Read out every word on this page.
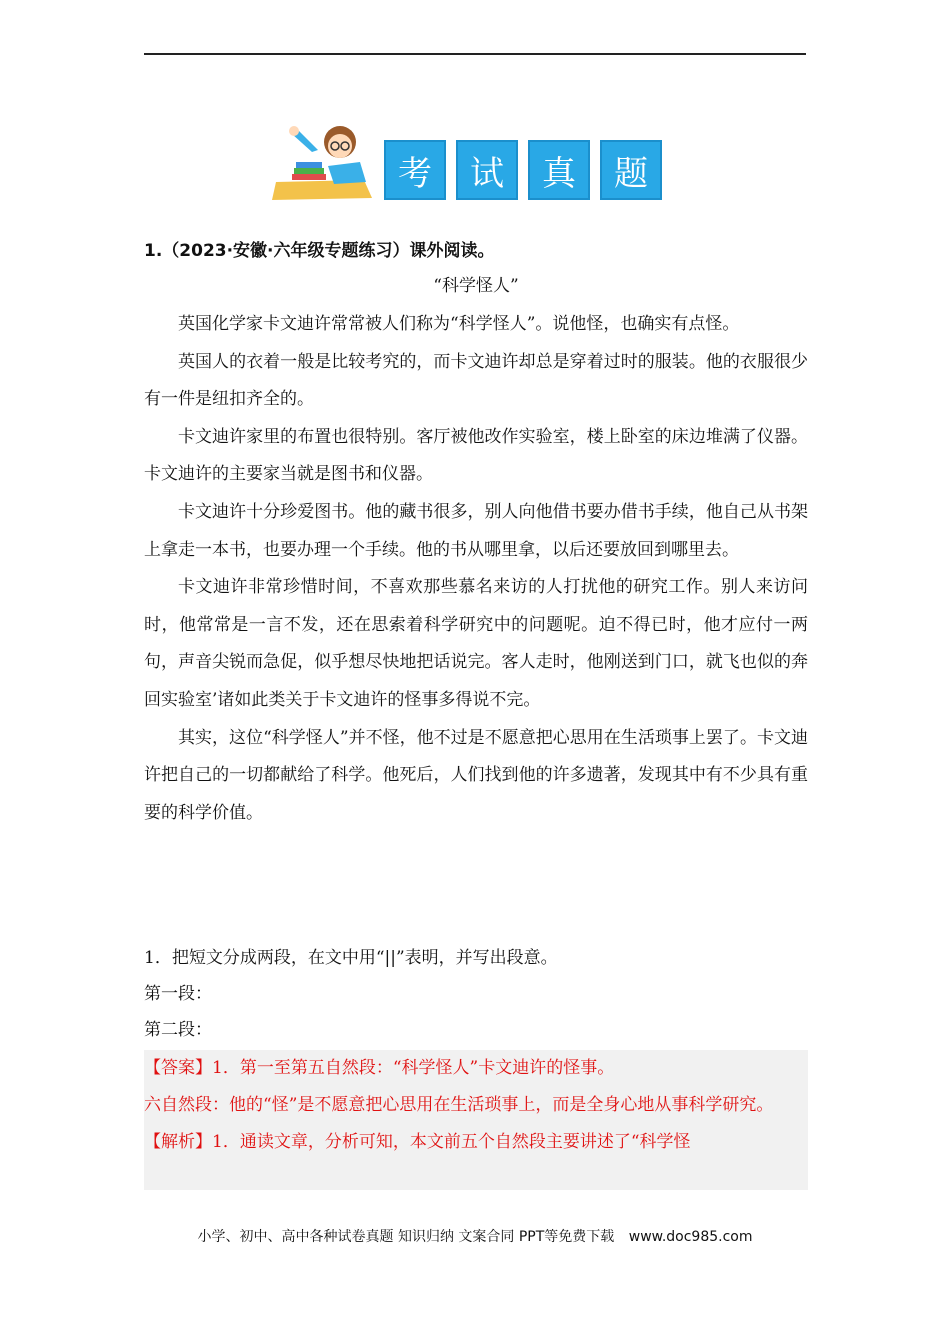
考	试	真	题
1.（2023·安徽·六年级专题练习）课外阅读。
“科学怪人”

英国化学家卡文迪许常常被人们称为“科学怪人”。说他怪，也确实有点怪。

英国人的衣着一般是比较考究的，而卡文迪许却总是穿着过时的服装。他的衣服很少有一件是纽扣齐全的。

卡文迪许家里的布置也很特别。客厅被他改作实验室，楼上卧室的床边堆满了仪器。卡文迪许的主要家当就是图书和仪器。

卡文迪许十分珍爱图书。他的藏书很多，别人向他借书要办借书手续，他自己从书架上拿走一本书，也要办理一个手续。他的书从哪里拿，以后还要放回到哪里去。

卡文迪许非常珍惜时间，不喜欢那些慕名来访的人打扰他的研究工作。别人来访问时，他常常是一言不发，还在思索着科学研究中的问题呢。迫不得已时，他才应付一两句，声音尖锐而急促，似乎想尽快地把话说完。客人走时，他刚送到门口，就飞也似的奔回实验室’诸如此类关于卡文迪许的怪事多得说不完。

其实，这位“科学怪人”并不怪，他不过是不愿意把心思用在生活琐事上罢了。卡文迪许把自己的一切都献给了科学。他死后，人们找到他的许多遗著，发现其中有不少具有重要的科学价值。

1．把短文分成两段，在文中用“||”表明，并写出段意。
第一段：
第二段：
【答案】1．第一至第五自然段：“科学怪人”卡文迪许的怪事。
六自然段：他的“怪”是不愿意把心思用在生活琐事上，而是全身心地从事科学研究。
【解析】1．通读文章，分析可知，本文前五个自然段主要讲述了“科学怪
小学、初中、高中各种试卷真题 知识归纳 文案合同 PPT等免费下载 www.doc985.com
